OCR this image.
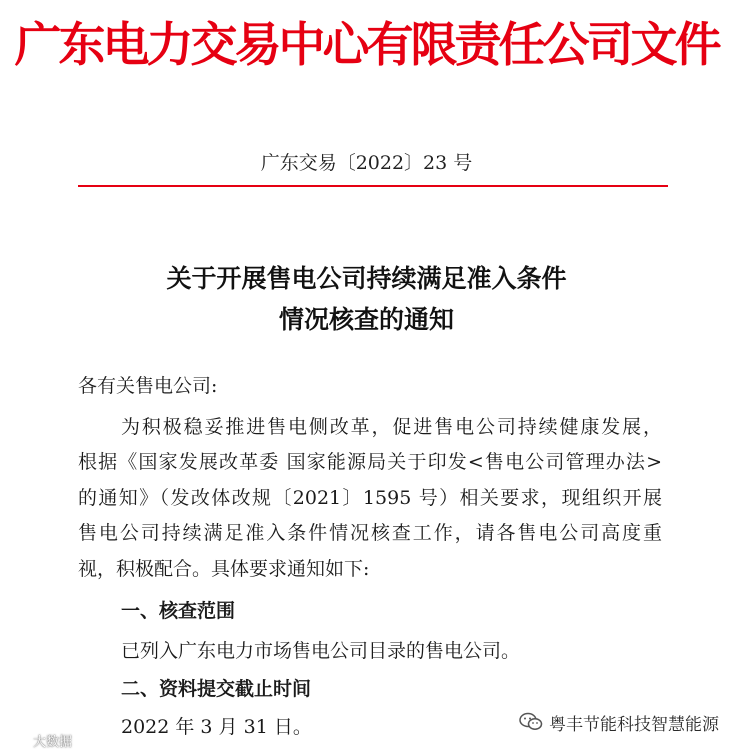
广东电力交易中心有限责任公司文件
广东交易〔2022〕23 号
关于开展售电公司持续满足准入条件
情况核查的通知
各有关售电公司:
为积极稳妥推进售电侧改革，促进售电公司持续健康发展，
根据《国家发展改革委 国家能源局关于印发<售电公司管理办法>
的通知》（发改体改规〔2021〕1595 号）相关要求，现组织开展
售电公司持续满足准入条件情况核查工作，请各售电公司高度重
视，积极配合。具体要求通知如下:
一、核查范围
已列入广东电力市场售电公司目录的售电公司。
二、资料提交截止时间
2022 年 3 月 31 日。
大数据
粤丰节能科技智慧能源
